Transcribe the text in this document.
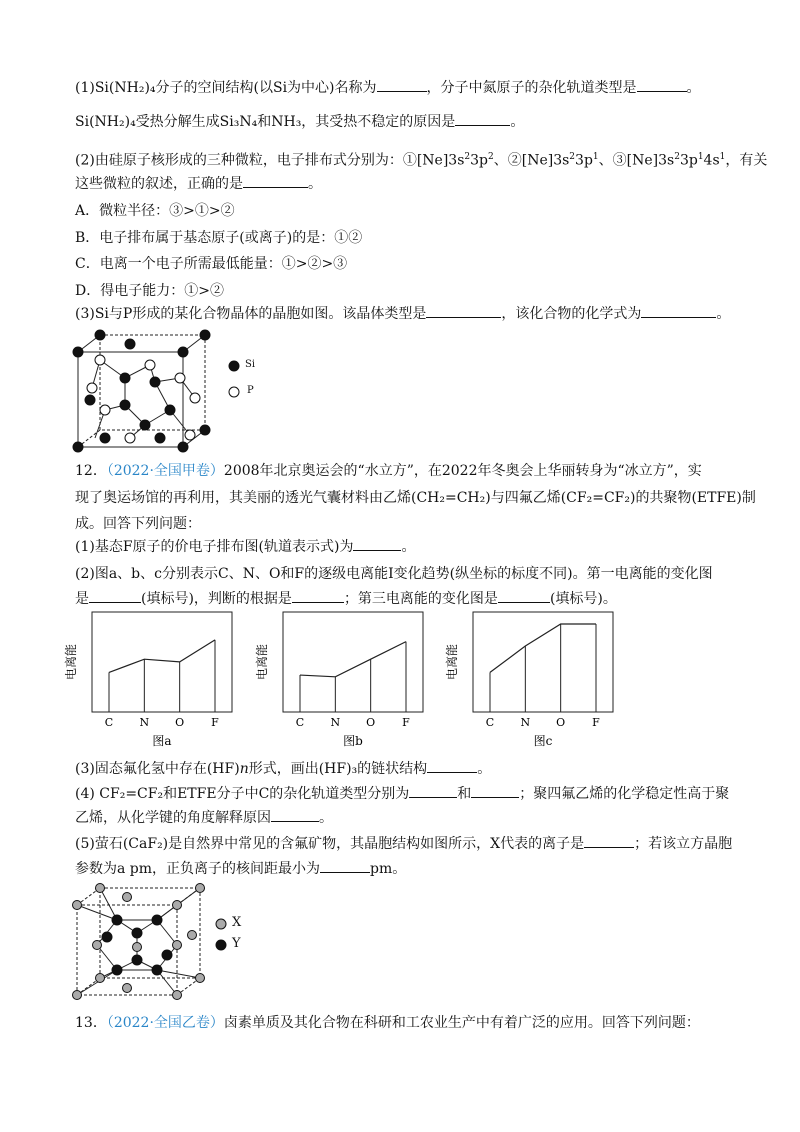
(1)Si(NH₂)₄分子的空间结构(以Si为中心)名称为	，分子中氮原子的杂化轨道类型是	。
Si(NH₂)₄受热分解生成Si₃N₄和NH₃，其受热不稳定的原因是	。
(2)由硅原子核形成的三种微粒，电子排布式分别为：$①[Ne]3s^23p^2$、$②[Ne]3s^23p^1$、$③[Ne]3s^23p^14s^1$，有关
这些微粒的叙述，正确的是	。
A．微粒半径：③>①>②
B．电子排布属于基态原子(或离子)的是：①②
C．电离一个电子所需最低能量：①>②>③
D．得电子能力：①>②
(3)Si与P形成的某化合物晶体的晶胞如图。该晶体类型是	，该化合物的化学式为	。
Si
P
12．（2022·全国甲卷）2008年北京奥运会的“水立方”，在2022年冬奥会上华丽转身为“冰立方”，实
现了奥运场馆的再利用，其美丽的透光气囊材料由乙烯(CH₂=CH₂)与四氟乙烯(CF₂=CF₂)的共聚物(ETFE)制
成。回答下列问题：
(1)基态F原子的价电子排布图(轨道表示式)为	。
(2)图a、b、c分别表示C、N、O和F的逐级电离能Ⅰ变化趋势(纵坐标的标度不同)。第一电离能的变化图
是	(填标号)，判断的根据是	；第三电离能的变化图是	(填标号)。
电离能
C N O F
图a
电离能
C N O F
图b
电离能
C N O F
图c
(3)固态氟化氢中存在(HF)n形式，画出(HF)₃的链状结构	。
(4) CF₂=CF₂和ETFE分子中C的杂化轨道类型分别为	和	；聚四氟乙烯的化学稳定性高于聚
乙烯，从化学键的角度解释原因	。
(5)萤石(CaF₂)是自然界中常见的含氟矿物，其晶胞结构如图所示，X代表的离子是	；若该立方晶胞
参数为a pm，正负离子的核间距最小为	pm。
X
Y
13．（2022·全国乙卷）卤素单质及其化合物在科研和工农业生产中有着广泛的应用。回答下列问题：
